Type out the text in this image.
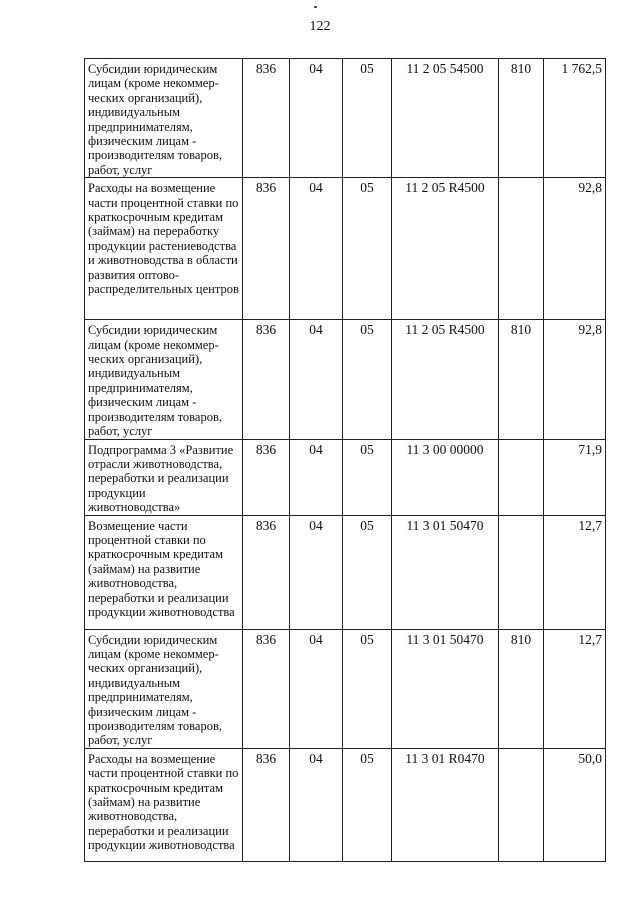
122
Субсидии юридическим лицам (кроме некоммер-ческих организаций), индивидуальным предпринимателям, физическим лицам - производителям товаров, работ, услуг	836	04	05	11 2 05 54500	810	1 762,5
Расходы на возмещение части процентной ставки по краткосрочным кредитам (займам) на переработку продукции растениеводства и животноводства в области развития оптово-распределительных центров	836	04	05	11 2 05 R4500		92,8
Субсидии юридическим лицам (кроме некоммер-ческих организаций), индивидуальным предпринимателям, физическим лицам - производителям товаров, работ, услуг	836	04	05	11 2 05 R4500	810	92,8
Подпрограмма 3 «Развитие отрасли животноводства, переработки и реализации продукции животноводства»	836	04	05	11 3 00 00000		71,9
Возмещение части процентной ставки по краткосрочным кредитам (займам) на развитие животноводства, переработки и реализации продукции животноводства	836	04	05	11 3 01 50470		12,7
Субсидии юридическим лицам (кроме некоммер-ческих организаций), индивидуальным предпринимателям, физическим лицам - производителям товаров, работ, услуг	836	04	05	11 3 01 50470	810	12,7
Расходы на возмещение части процентной ставки по краткосрочным кредитам (займам) на развитие животноводства, переработки и реализации продукции животноводства	836	04	05	11 3 01 R0470		50,0
